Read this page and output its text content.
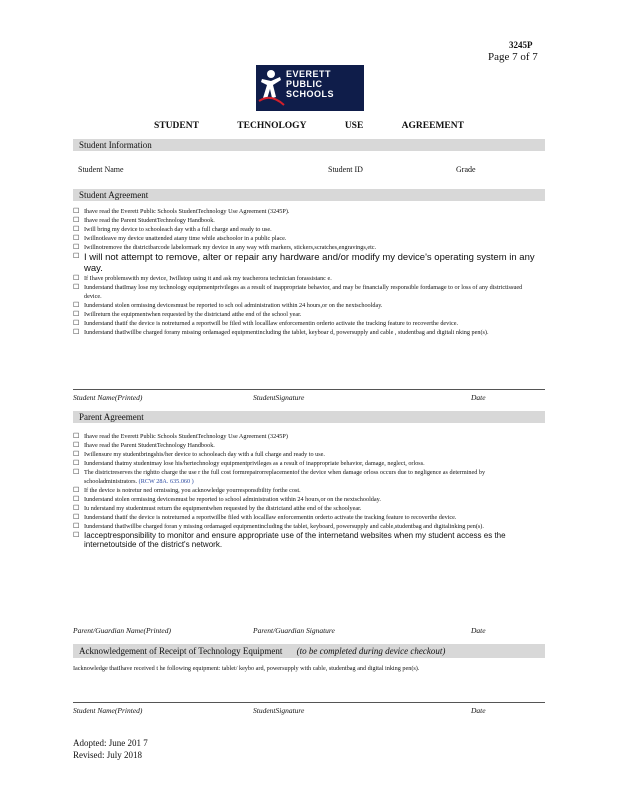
3245P
Page 7 of 7
EVERETT
PUBLIC
SCHOOLS
STUDENT	TECHNOLOGY	USE	AGREEMENT
Student Information
Student Name	Student ID	Grade
Student Agreement
☐ Ihave read the Everett Public Schools StudentTechnology Use Agreement (3245P).
☐ Ihave read the Parent StudentTechnology Handbook.
☐ Iwill bring my device to schooleach day with a full charge and ready to use.
☐ Iwillnotleave my device unattended atany time while atschoolor in a public place.
☐ Iwillnotremove the districtbarcode labelormark my device in any way with markers, stickers,scratches,engravings,etc.
☐ I will not attempt to remove, alter or repair any hardware and/or modify my device's operating system in any way.
☐ If Ihave problemswith my device, Iwillstop using it and ask my teacherora technician forassistanc e.
☐ Iunderstand thatImay lose my technology equipmentprivileges as a result of inappropriate behavior, and may be financially responsible fordamage to or loss of any districtissued device.
☐ Iunderstand stolen ormissing devicesmust be reported to sch ool administration within 24 hours,or on the nextschoolday.
☐ Iwillreturn the equipmentwhen requested by the districtand atthe end of the school year.
☐ Iunderstand thatif the device is notreturned a reportwill be filed with localllaw enforcementin orderto activate the tracking feature to recoverthe device.
☐ Iunderstand thatIwillbe charged forany missing ordamaged equipmentincluding the tablet, keyboar d, powersupply and cable , studentbag and digitali nking pen(s).
Student Name(Printed)	StudentSignature	Date
Parent Agreement
☐ Ihave read the Everett Public Schools StudentTechnology Use Agreement (3245P)
☐ Ihave read the Parent StudentTechnology Handbook.
☐ Iwillensure my studentbringshis/her device to schooleach day with a full charge and ready to use.
☐ Iunderstand thatmy studentmay lose his/hertechnology equipmentprivileges as a result of inappropriate behavior, damage, neglect, orloss.
☐ The districtreserves the rightto charge the use r the full cost formrepairorreplacementof the device when damage orloss occurs due to negligence as determined by schooladministrators. (RCW 28A. 635.060 )
☐ If the device is notretur ned ormissing, you acknowledge yourresponsibility forthe cost.
☐ Iunderstand stolen ormissing devicesmust be reported to school administration within 24 hours,or on the nextschoolday.
☐ Iu nderstand my studentmust return the equipmentwhen requested by the districtand atthe end of the schoolyear.
☐ Iunderstand thatif the device is notreturned a reportwillbe filed with localllaw enforcementin orderto activate the tracking feature to recoverthe device.
☐ Iunderstand thatIwillbe charged foran y missing ordamaged equipmentincluding the tablet, keyboard, powersupply and cable,studentbag and digitalinking pen(s).
☐ Iacceptresponsibility to monitor and ensure appropriate use of the internetand websites when my student access es the internetoutside of the district's network.
Parent/Guardian Name(Printed)	Parent/Guardian Signature	Date
Acknowledgement of Receipt of Technology Equipment (to be completed during device checkout)
Iacknowledge thatIhave received t he following equipment: tablet/ keybo ard, powersupply with cable, studentbag and digital inking pen(s).
Student Name(Printed)	StudentSignature	Date
Adopted: June 201 7
Revised: July 2018
